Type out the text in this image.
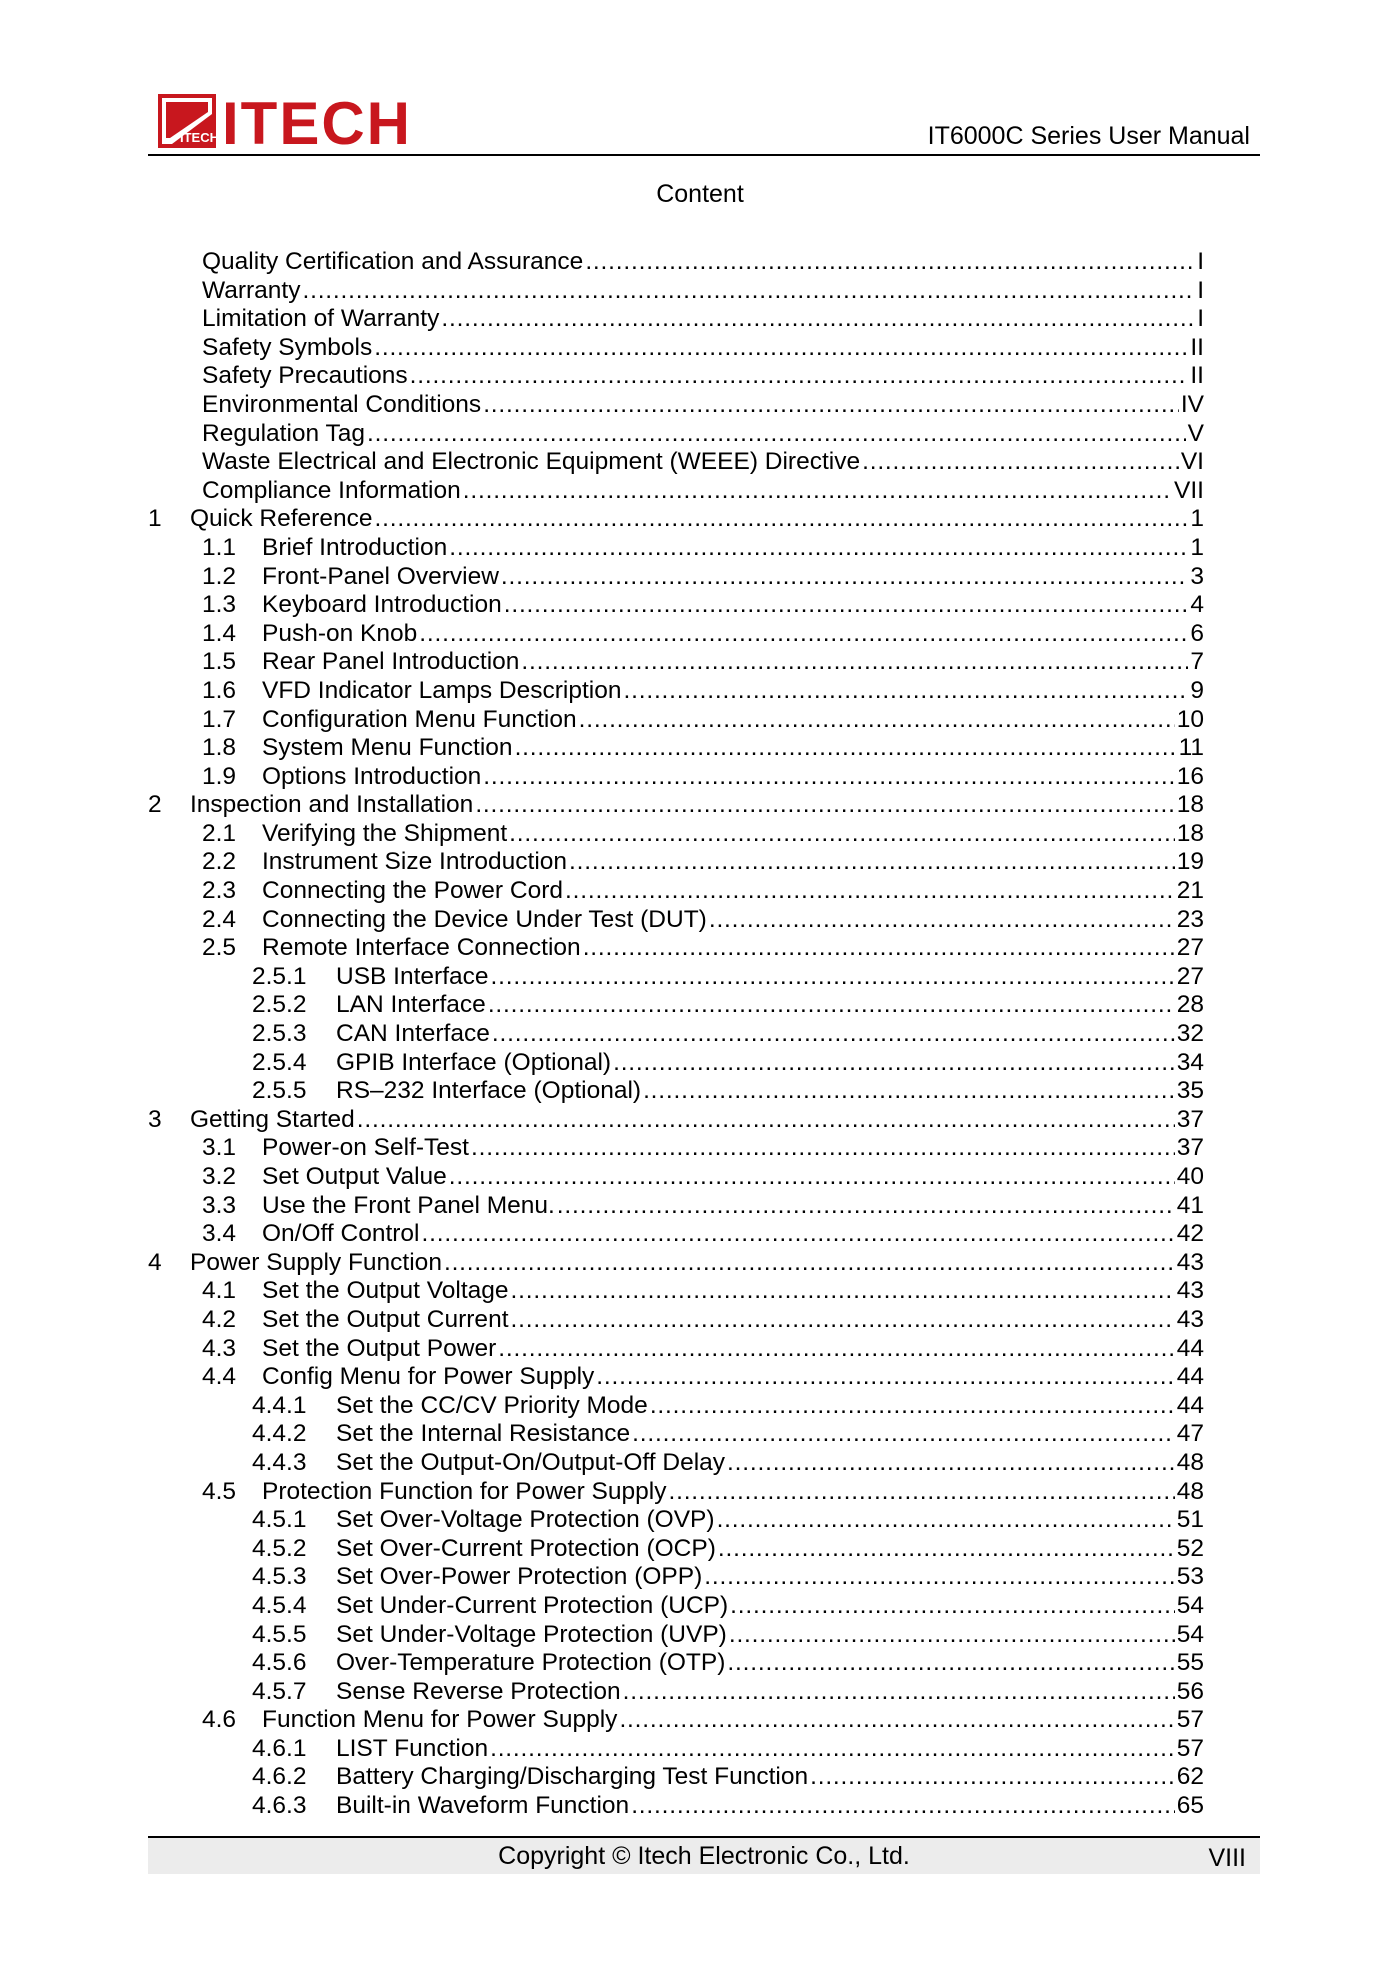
ITECH ITECH	IT6000C Series User Manual
Content
Quality Certification and Assurance . . .	I
Warranty . . .	I
Limitation of Warranty . . .	I
Safety Symbols . . .	II
Safety Precautions . . .	II
Environmental Conditions . . .	IV
Regulation Tag . . .	V
Waste Electrical and Electronic Equipment (WEEE) Directive . . .	VI
Compliance Information . . .	VII
1 Quick Reference . . .	1
1.1 Brief Introduction . . .	1
1.2 Front-Panel Overview . . .	3
1.3 Keyboard Introduction . . .	4
1.4 Push-on Knob . . .	6
1.5 Rear Panel Introduction . . .	7
1.6 VFD Indicator Lamps Description . . .	9
1.7 Configuration Menu Function . . .	10
1.8 System Menu Function . . .	11
1.9 Options Introduction . . .	16
2 Inspection and Installation . . .	18
2.1 Verifying the Shipment . . .	18
2.2 Instrument Size Introduction . . .	19
2.3 Connecting the Power Cord . . .	21
2.4 Connecting the Device Under Test (DUT) . . .	23
2.5 Remote Interface Connection . . .	27
2.5.1 USB Interface . . .	27
2.5.2 LAN Interface . . .	28
2.5.3 CAN Interface . . .	32
2.5.4 GPIB Interface (Optional) . . .	34
2.5.5 RS–232 Interface (Optional) . . .	35
3 Getting Started . . .	37
3.1 Power-on Self-Test . . .	37
3.2 Set Output Value . . .	40
3.3 Use the Front Panel Menu. . . .	41
3.4 On/Off Control . . .	42
4 Power Supply Function . . .	43
4.1 Set the Output Voltage . . .	43
4.2 Set the Output Current . . .	43
4.3 Set the Output Power . . .	44
4.4 Config Menu for Power Supply . . .	44
4.4.1 Set the CC/CV Priority Mode . . .	44
4.4.2 Set the Internal Resistance . . .	47
4.4.3 Set the Output-On/Output-Off Delay . . .	48
4.5 Protection Function for Power Supply . . .	48
4.5.1 Set Over-Voltage Protection (OVP) . . .	51
4.5.2 Set Over-Current Protection (OCP) . . .	52
4.5.3 Set Over-Power Protection (OPP) . . .	53
4.5.4 Set Under-Current Protection (UCP) . . .	54
4.5.5 Set Under-Voltage Protection (UVP) . . .	54
4.5.6 Over-Temperature Protection (OTP) . . .	55
4.5.7 Sense Reverse Protection . . .	56
4.6 Function Menu for Power Supply . . .	57
4.6.1 LIST Function . . .	57
4.6.2 Battery Charging/Discharging Test Function . . .	62
4.6.3 Built-in Waveform Function . . .	65
Copyright © Itech Electronic Co., Ltd.	VIII
